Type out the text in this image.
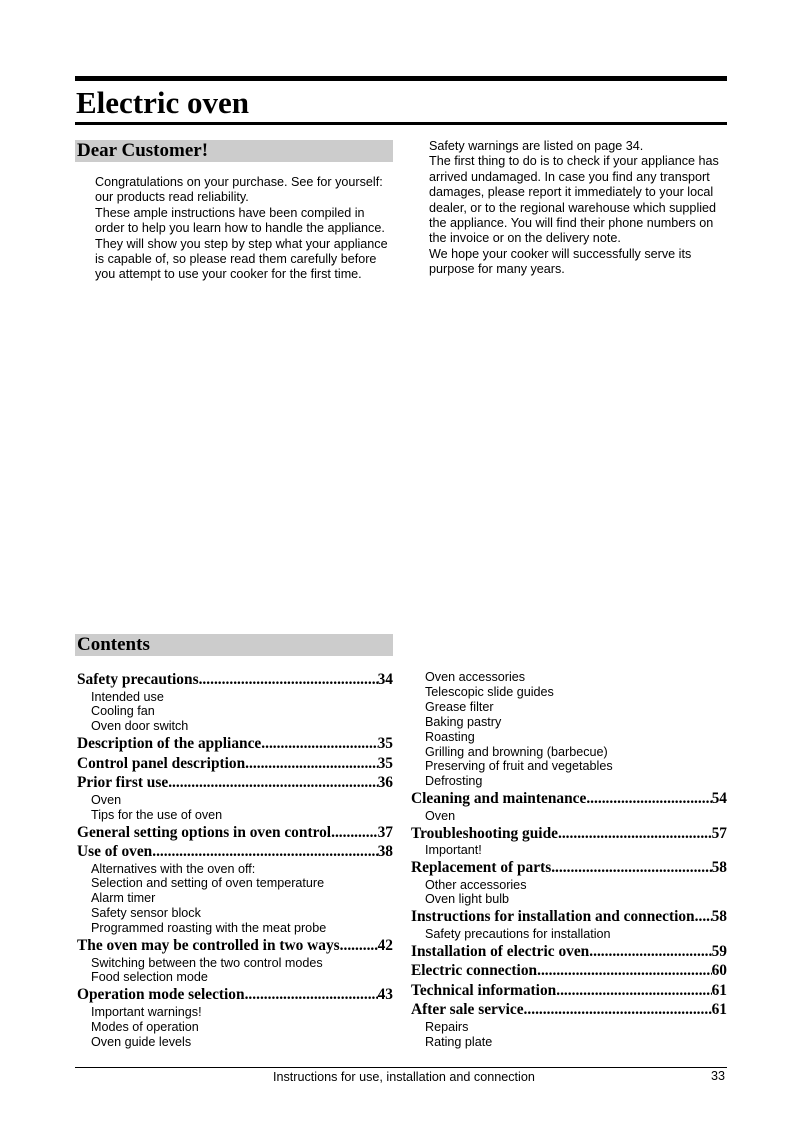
Electric oven
Dear Customer!

Congratulations on your purchase. See for yourself: our products read reliability.

These ample instructions have been compiled in order to help you learn how to handle the appliance. They will show you step by step what your appliance is capable of, so please read them carefully before you attempt to use your cooker for the first time.

Safety warnings are listed on page 34.

The first thing to do is to check if your appliance has arrived undamaged. In case you find any transport damages, please report it immediately to your local dealer, or to the regional warehouse which supplied the appliance. You will find their phone numbers on the invoice or on the delivery note.

We hope your cooker will successfully serve its purpose for many years.

Contents
Safety precautions .....	34
Intended use
Cooling fan
Oven door switch
Description of the appliance .....	35
Control panel description .....	35
Prior first use .....	36
Oven
Tips for the use of oven
General setting options in oven control .....	37
Use of oven .....	38
Alternatives with the oven off:
Selection and setting of oven temperature
Alarm timer
Safety sensor block
Programmed roasting with the meat probe
The oven may be controlled in two ways ..... 42
Switching between the two control modes
Food selection mode
Operation mode selection .....	43
Important warnings!
Modes of operation
Oven guide levels
Oven accessories
Telescopic slide guides
Grease filter
Baking pastry
Roasting
Grilling and browning (barbecue)
Preserving of fruit and vegetables
Defrosting
Cleaning and maintenance .....	54
Oven
Troubleshooting guide .....	57
Important!
Replacement of parts .....	58
Other accessories
Oven light bulb
Instructions for installation and connection ..... 58
Safety precautions for installation
Installation of electric oven .....	59
Electric connection .....	60
Technical information .....	61
After sale service .....	61
Repairs
Rating plate
Instructions for use, installation and connection	33
